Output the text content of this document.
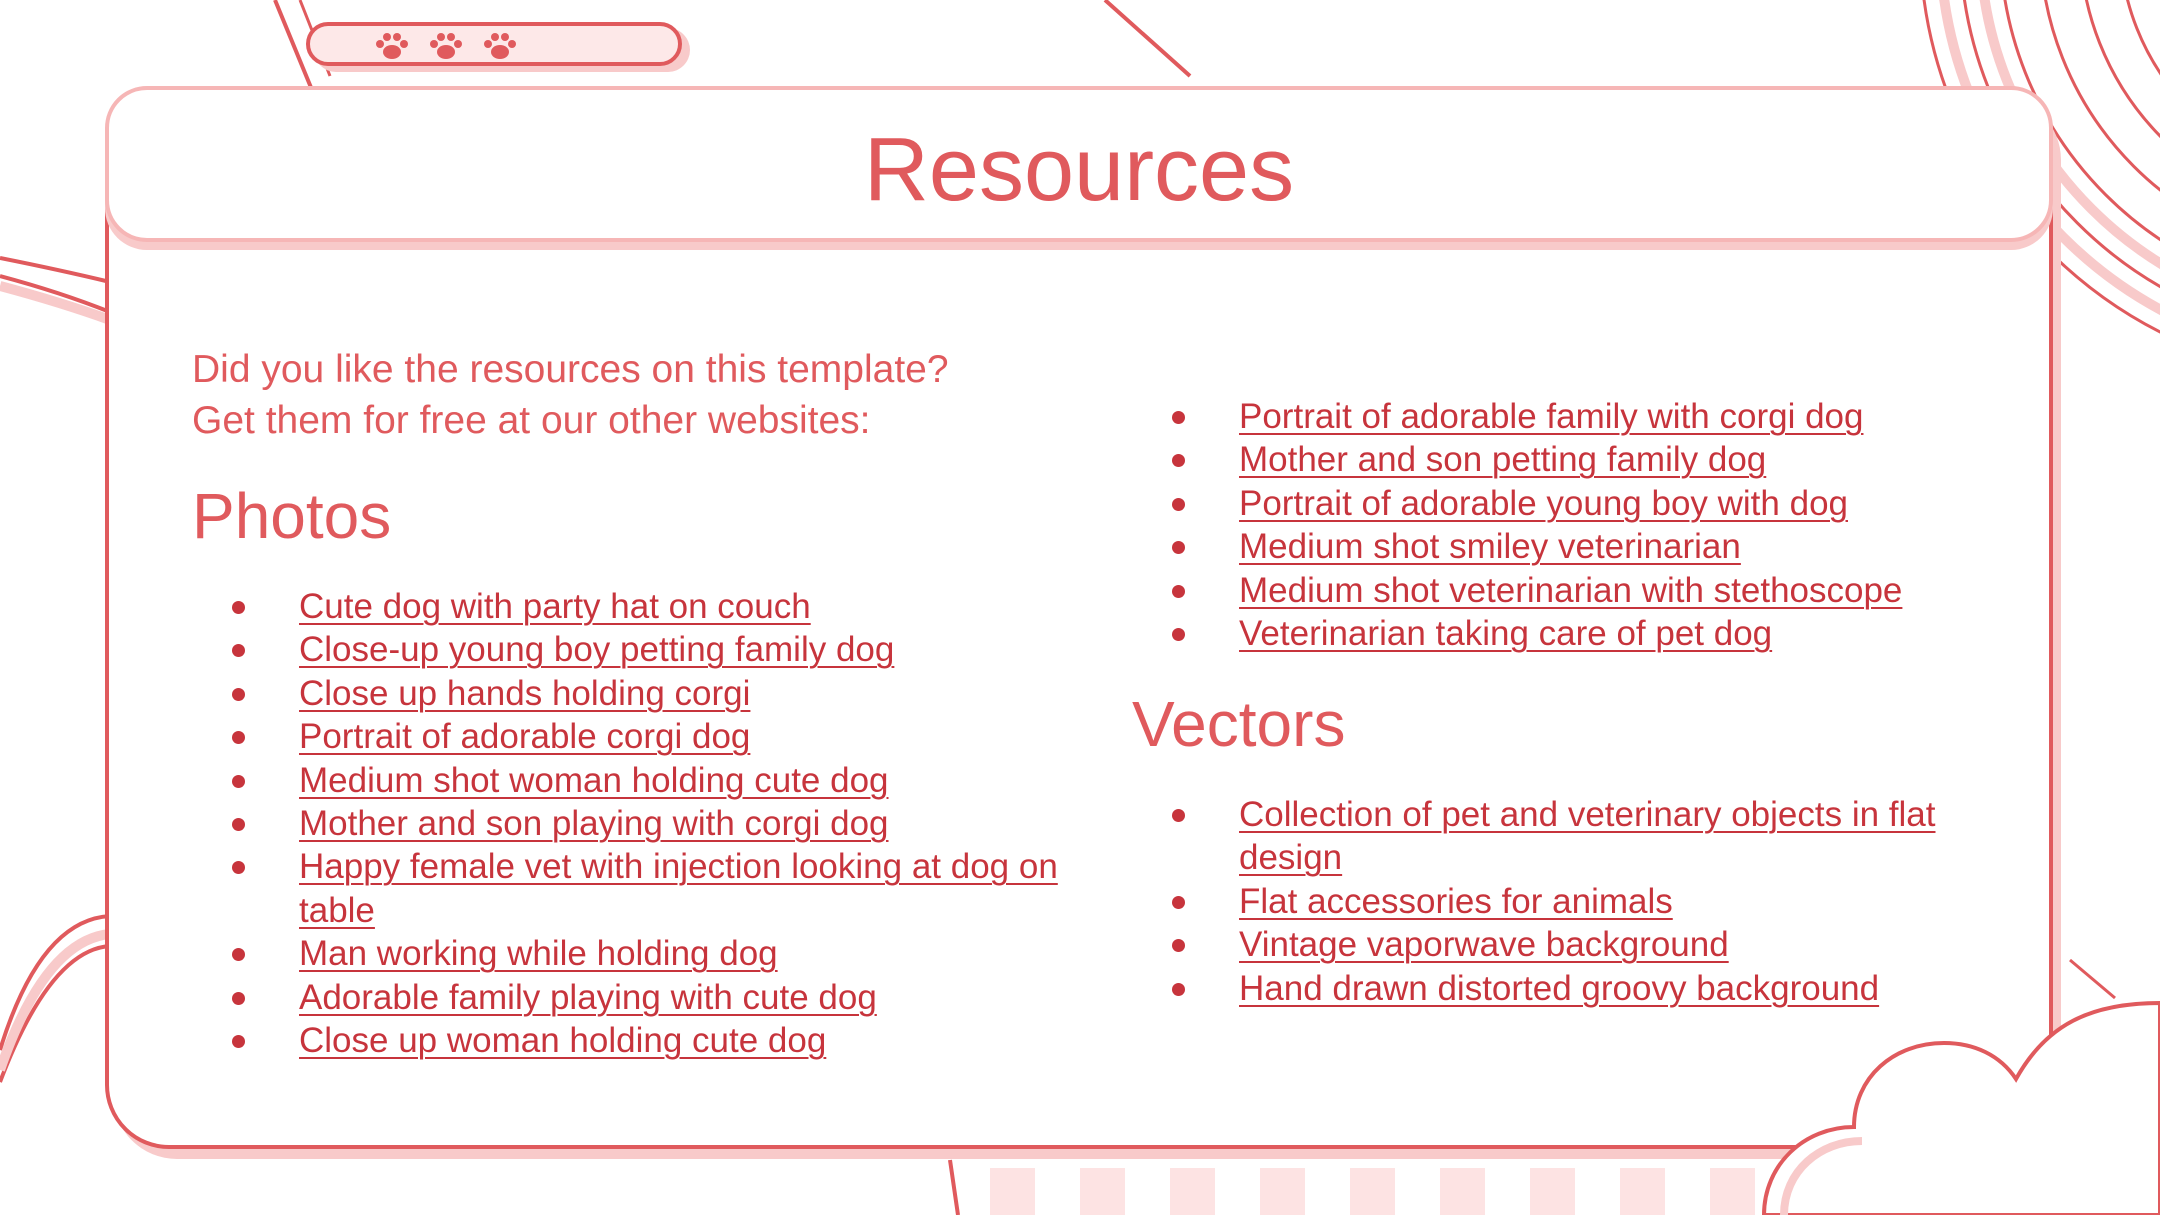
Resources
Did you like the resources on this template?
Get them for free at our other websites:
Photos
Cute dog with party hat on couch
Close-up young boy petting family dog
Close up hands holding corgi
Portrait of adorable corgi dog
Medium shot woman holding cute dog
Mother and son playing with corgi dog
Happy female vet with injection looking at dog on table
Man working while holding dog
Adorable family playing with cute dog
Close up woman holding cute dog
Portrait of adorable family with corgi dog
Mother and son petting family dog
Portrait of adorable young boy with dog
Medium shot smiley veterinarian
Medium shot veterinarian with stethoscope
Veterinarian taking care of pet dog
Vectors
Collection of pet and veterinary objects in flat design
Flat accessories for animals
Vintage vaporwave background
Hand drawn distorted groovy background
